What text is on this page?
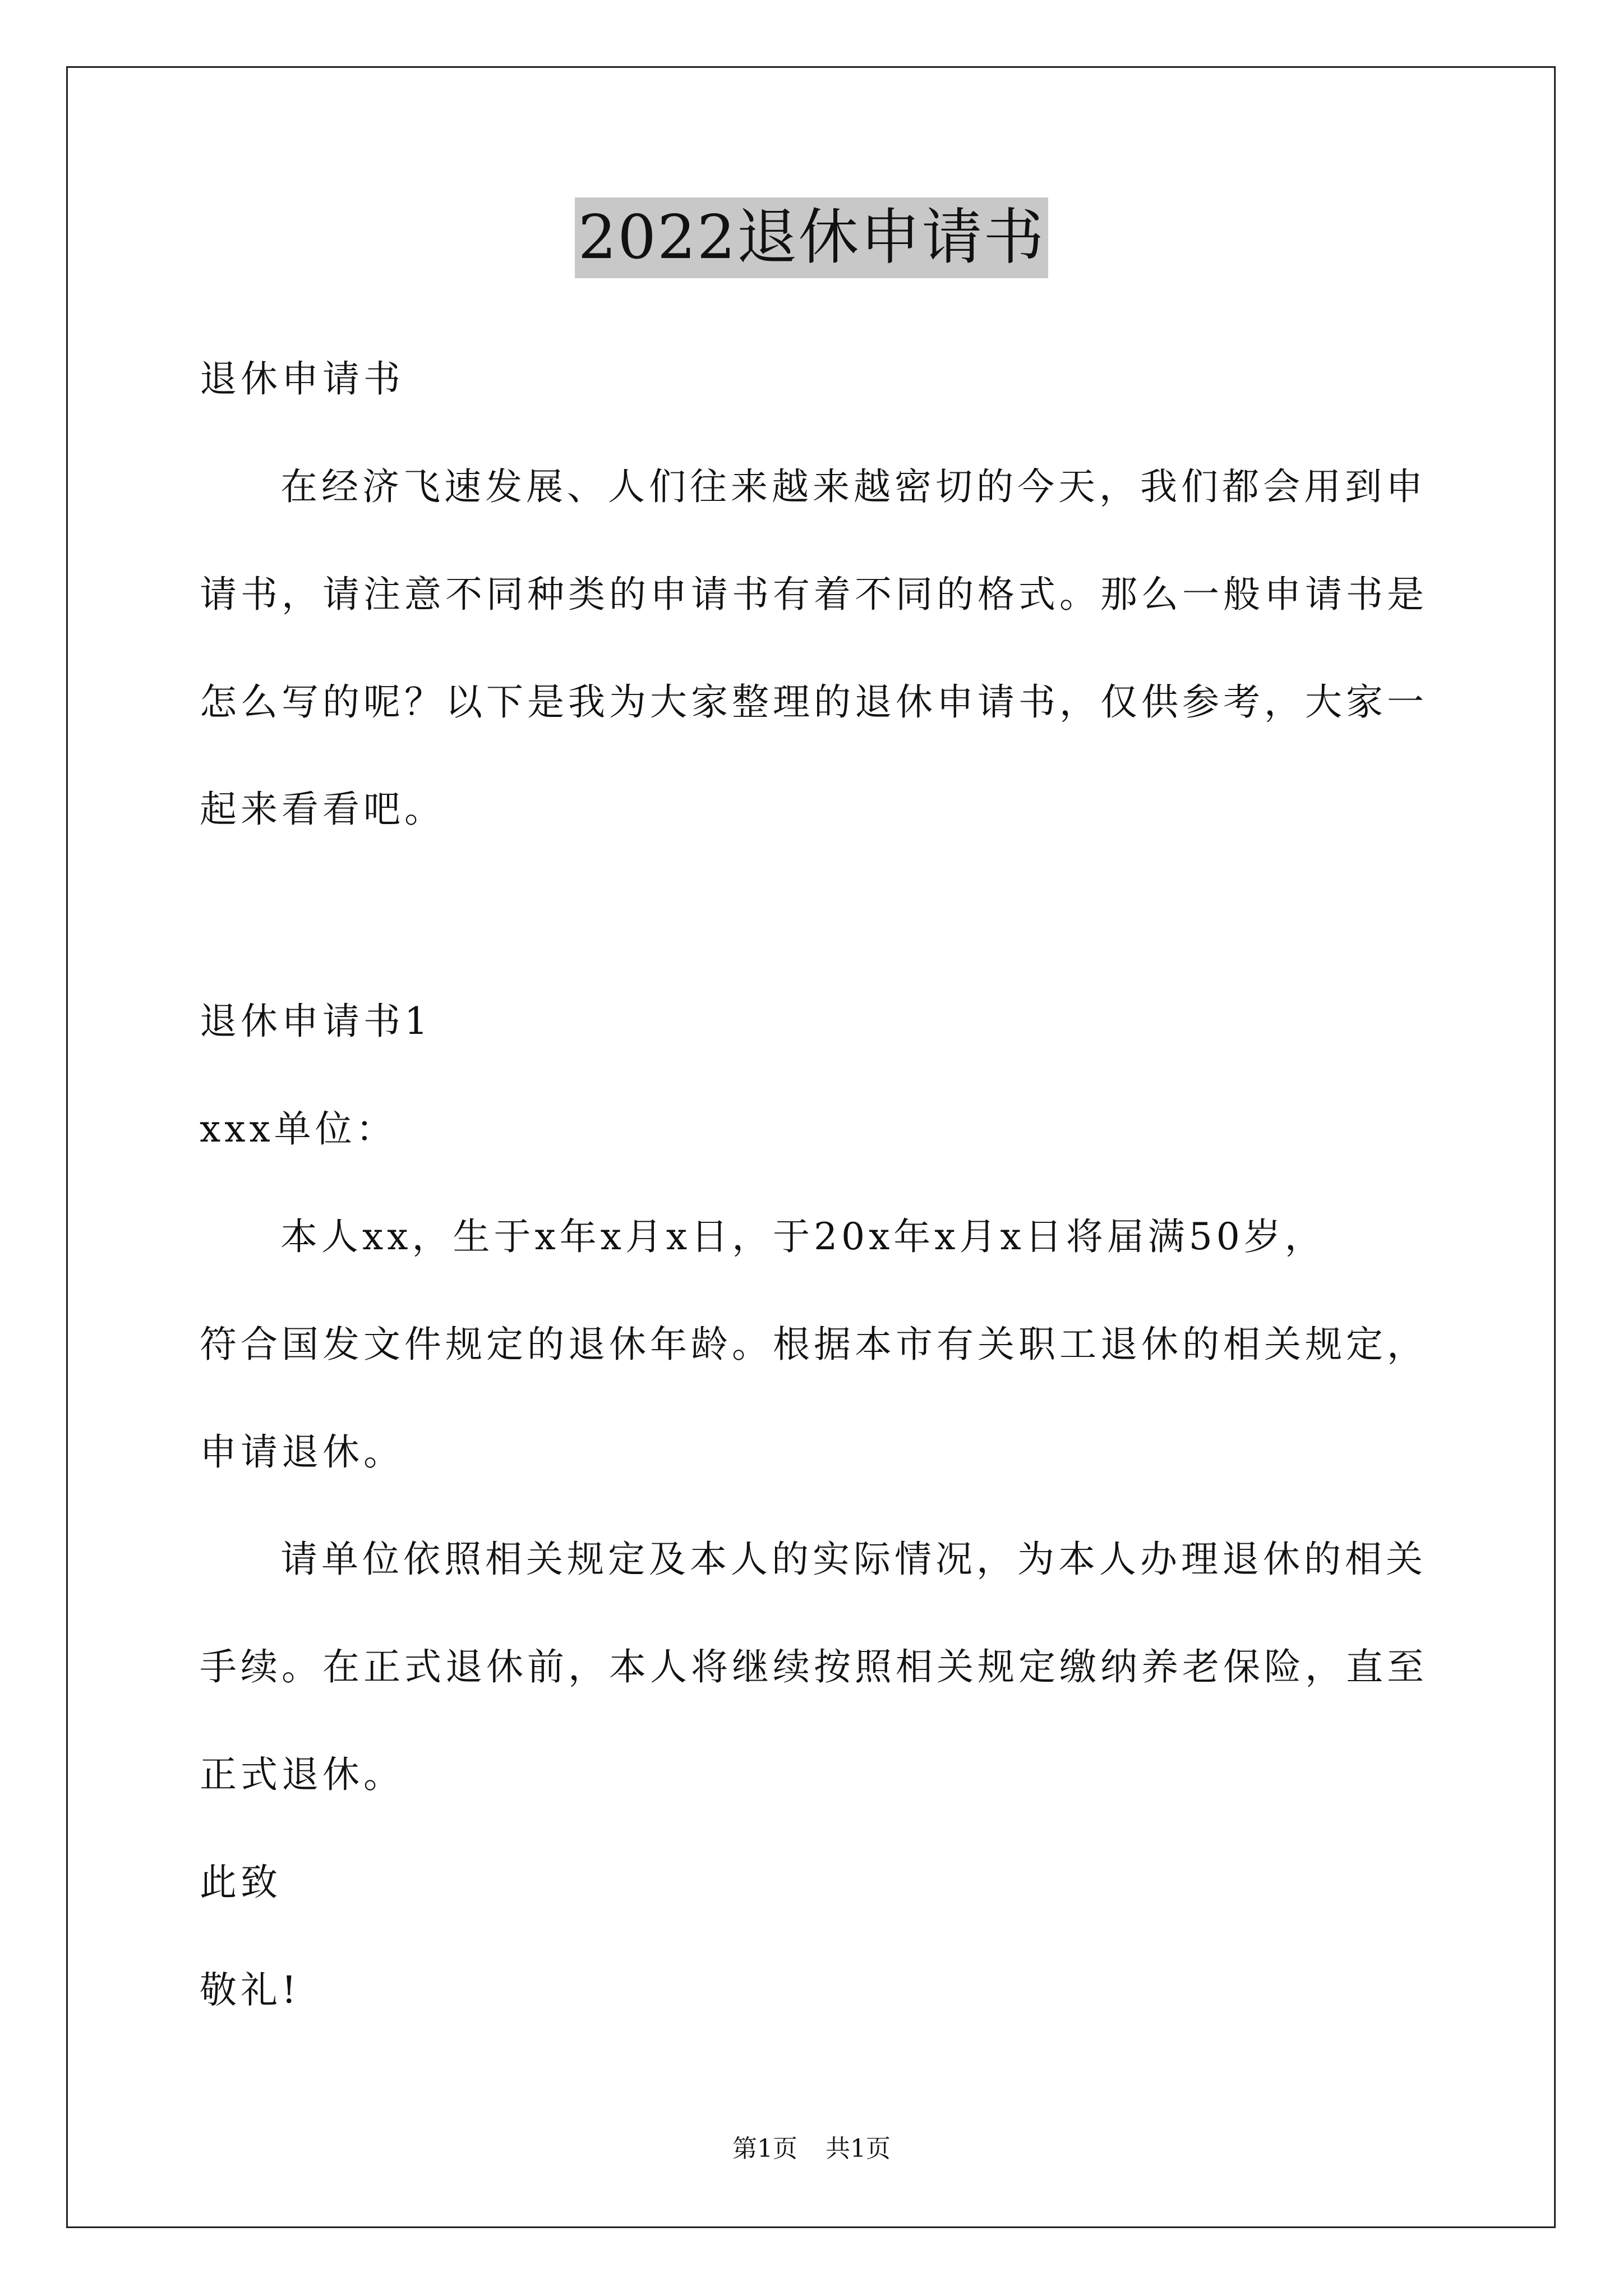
2022退休申请书
退休申请书
在经济飞速发展、人们往来越来越密切的今天，我们都会用到申
请书，请注意不同种类的申请书有着不同的格式。那么一般申请书是
怎么写的呢？以下是我为大家整理的退休申请书，仅供参考，大家一
起来看看吧。
退休申请书1
xxx单位：
本人xx，生于x年x月x日，于20x年x月x日将届满50岁，
符合国发文件规定的退休年龄。根据本市有关职工退休的相关规定，
申请退休。
请单位依照相关规定及本人的实际情况，为本人办理退休的相关
手续。在正式退休前，本人将继续按照相关规定缴纳养老保险，直至
正式退休。
此致
敬礼!
第1页 共1页
